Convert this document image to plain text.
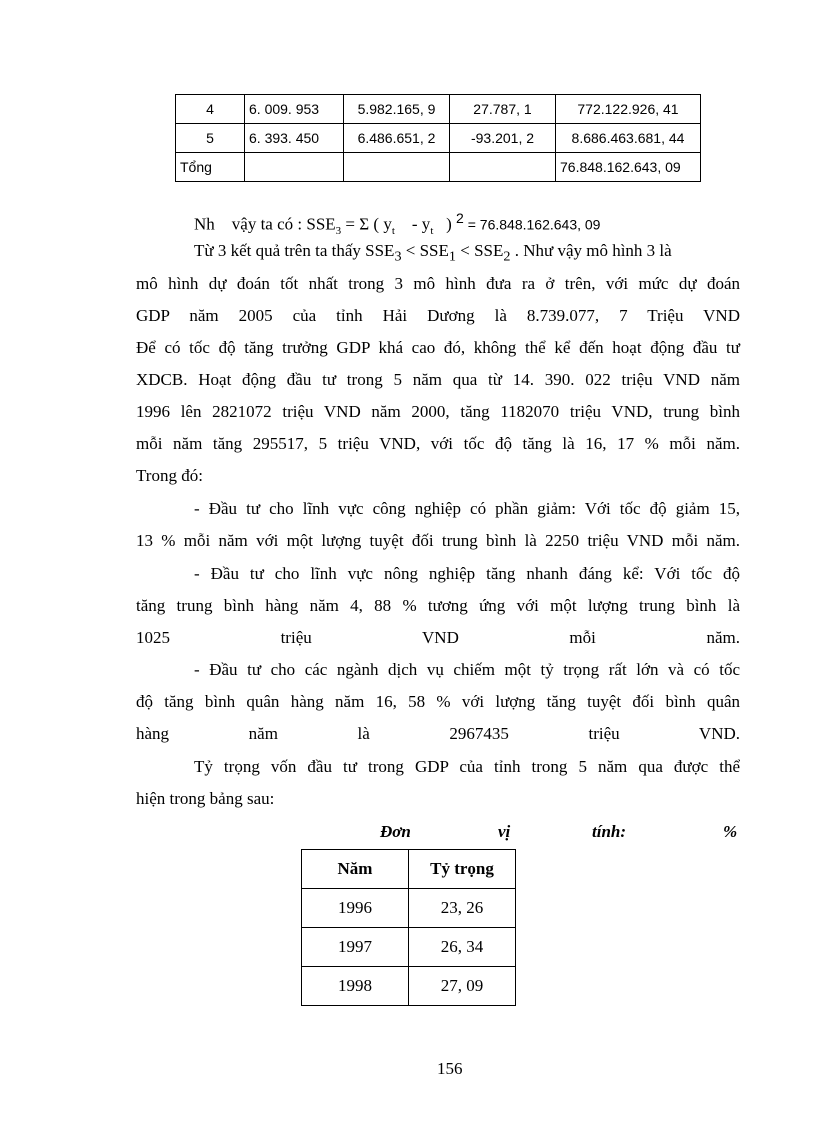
4	6. 009. 953	5.982.165, 9	27.787, 1	772.122.926, 41
5	6. 393. 450	6.486.651, 2	-93.201, 2	8.686.463.681, 44
Tổng				76.848.162.643, 09
Nh vậy ta có : $SSE_3 = \Sigma$ ( $y_t$    - $y_t$   ) $^2$ = 76.848.162.643, 09
Từ 3 kết quả trên ta thấy $SSE_3 < SSE_1 < SSE_2$ . Như vậy mô hình 3 là
mô hình dự đoán tốt nhất trong 3 mô hình đưa ra ở trên, với mức dự đoán
GDP năm 2005 của tỉnh Hải Dương là 8.739.077, 7 Triệu VND
Để có tốc độ tăng trưởng GDP khá cao đó, không thể kể đến hoạt động đầu tư
XDCB. Hoạt động đầu tư trong 5 năm qua từ 14. 390. 022 triệu VND năm
1996 lên 2821072 triệu VND năm 2000, tăng 1182070 triệu VND, trung bình
mỗi năm tăng 295517, 5 triệu VND, với tốc độ tăng là 16, 17 % mỗi năm.
Trong đó:
- Đầu tư cho lĩnh vực công nghiệp có phần giảm: Với tốc độ giảm 15,
13 % mỗi năm với một lượng tuyệt đối trung bình là 2250 triệu VND mỗi năm.
- Đầu tư cho lĩnh vực nông nghiệp tăng nhanh đáng kể: Với tốc độ
tăng trung bình hàng năm 4, 88 % tương ứng với một lượng trung bình là
1025 triệu VND mỗi năm.
- Đầu tư cho các ngành dịch vụ chiếm một tỷ trọng rất lớn và có tốc
độ tăng bình quân hàng năm 16, 58 % với lượng tăng tuyệt đối bình quân
hàng năm là 2967435 triệu VND.
Tỷ trọng vốn đầu tư trong GDP của tỉnh trong 5 năm qua được thể
hiện trong bảng sau:
Đơn	vị	tính:	%
Năm	Tỷ trọng
1996	23, 26
1997	26, 34
1998	27, 09
156
